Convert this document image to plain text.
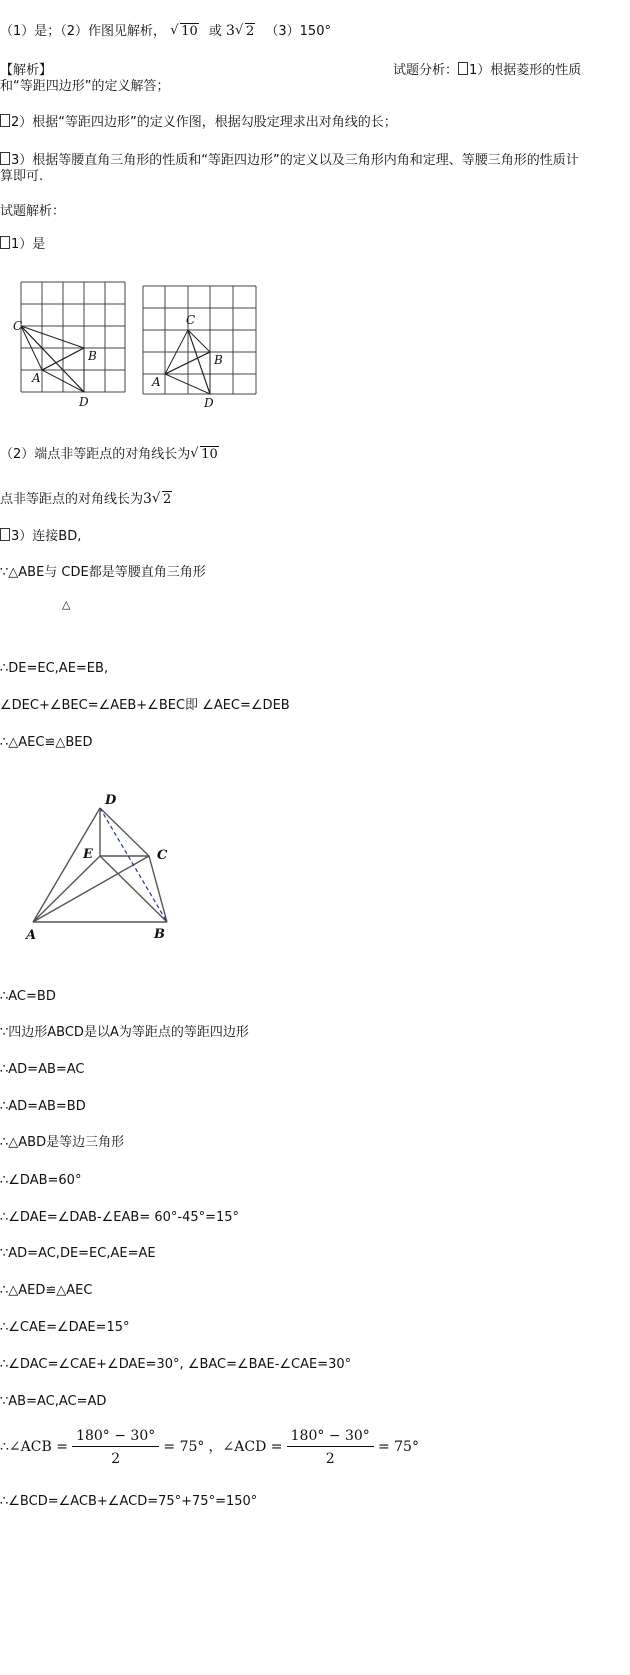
（1）是；（2）作图见解析， √ 10 或 3 √ 2 （3）150°
【解析】	试题分析： 1）根据菱形的性质
和“等距四边形”的定义解答；
2）根据“等距四边形”的定义作图，根据勾股定理求出对角线的长；
3）根据等腰直角三角形的性质和“等距四边形”的定义以及三角形内角和定理、等腰三角形的性质计
算即可.
试题解析：
1）是
C
B
A
D
C
B
A
D
（2）端点非等距点的对角线长为 √ 10
点非等距点的对角线长为3 √ 2
3）连接BD,
∵△ABE与 CDE都是等腰直角三角形
△
∴DE=EC,AE=EB,
∠DEC+∠BEC=∠AEB+∠BEC即 ∠AEC=∠DEB
∴△AEC≌△BED
D
E	C
A	B
∴AC=BD
∵四边形ABCD是以A为等距点的等距四边形
∴AD=AB=AC
∴AD=AB=BD
∴△ABD是等边三角形
∴∠DAB=60°
∴∠DAE=∠DAB-∠EAB= 60°-45°=15°
∵AD=AC,DE=EC,AE=AE
∴△AED≌△AEC
∴∠CAE=∠DAE=15°
∴∠DAC=∠CAE+∠DAE=30°, ∠BAC=∠BAE-∠CAE=30°
∵AB=AC,AC=AD
∴∠ACB = $\frac{180^\circ - 30^\circ}{2} = 75^\circ$ ，∠ACD = $\frac{180^\circ - 30^\circ}{2} = 75^\circ$
∴∠BCD=∠ACB+∠ACD=75°+75°=150°
